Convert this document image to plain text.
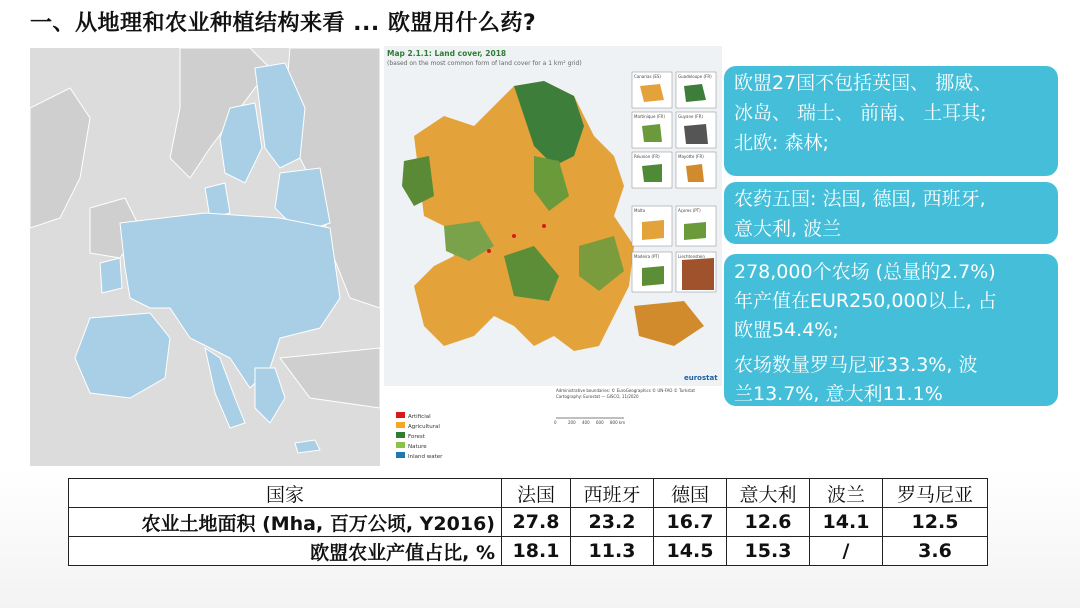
一、从地理和农业种植结构来看 ... 欧盟用什么药?
Map 2.1.1: Land cover, 2018
(based on the most common form of land cover for a 1 km² grid)
Canarias (ES)	Guadeloupe (FR)
Martinique (FR)	Guyane (FR)
Réunion (FR)	Mayotte (FR)
Malta	Açores (PT)
Madeira (PT)	Liechtenstein
eurostat
Administrative boundaries: © EuroGeographics © UN-FAO © Turkstat
Cartography: Eurostat — GISCO, 11/2020
0	200 400 600 800 km
Artificial
Agricultural
Forest
Nature
Inland water

欧盟27国不包括英国、 挪威、

冰岛、 瑞士、 前南、 土耳其;

北欧: 森林;

农药五国: 法国, 德国, 西班牙,

意大利, 波兰

278,000个农场 (总量的2.7%)

年产值在EUR250,000以上, 占

欧盟54.4%;

农场数量罗马尼亚33.3%, 波

兰13.7%, 意大利11.1%

国家	法国	西班牙	德国	意大利	波兰	罗马尼亚
农业土地面积 (Mha, 百万公顷, Y2016)	27.8	23.2	16.7	12.6	14.1	12.5
欧盟农业产值占比, %	18.1	11.3	14.5	15.3	/	3.6
